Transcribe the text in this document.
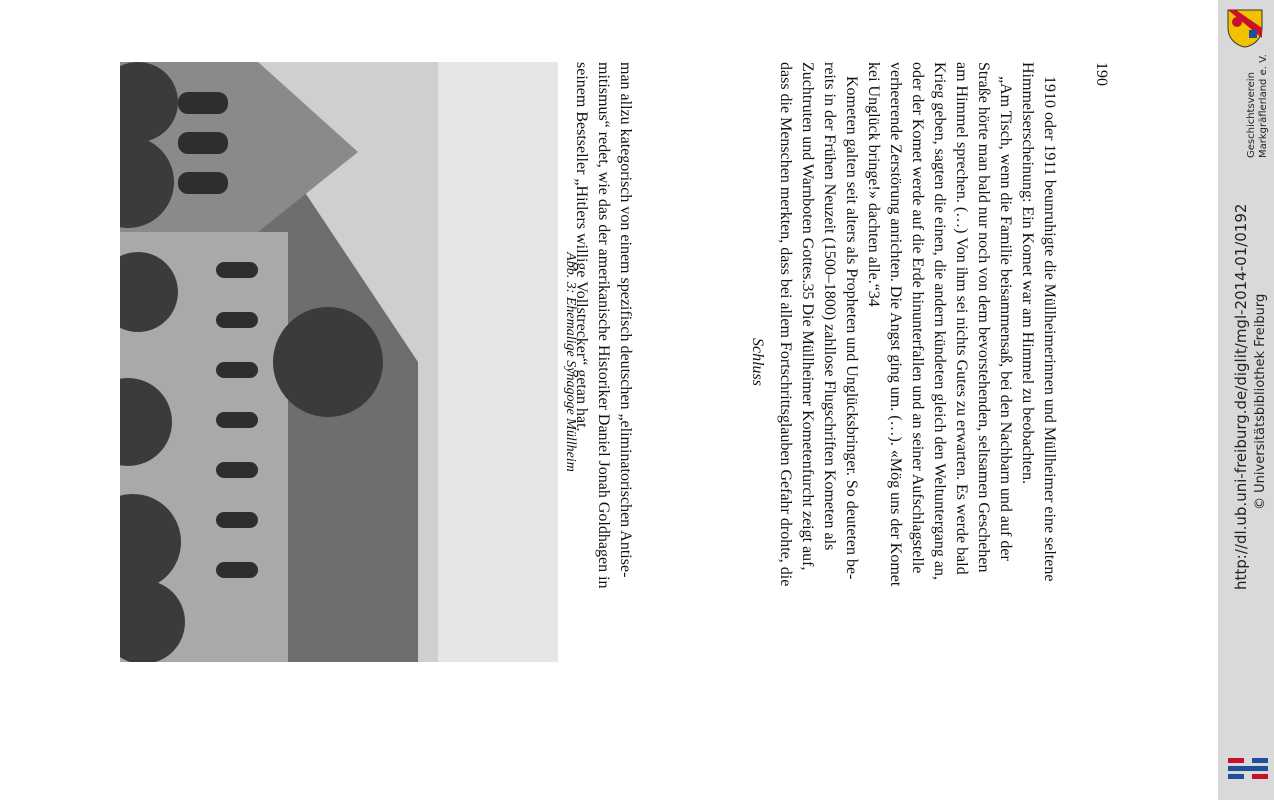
190

1910 oder 1911 beunruhigte die Müllheimerinnen und Müllheimer eine seltene

Himmelserscheinung: Ein Komet war am Himmel zu beobachten.

„Am Tisch, wenn die Familie beisammensaß, bei den Nachbarn und auf der

Straße hörte man bald nur noch von dem bevorstehenden, seltsamen Geschehen

am Himmel sprechen. (…) Von ihm sei nichts Gutes zu erwarten. Es werde bald

Krieg geben, sagten die einen, die andern kündeten gleich den Weltuntergang an,

oder der Komet werde auf die Erde hinunterfallen und an seiner Aufschlagstelle

verheerende Zerstörung anrichten. Die Angst ging um. (…). «Mög uns der Komet

kei Unglück bringe!» dachten alle.“34

Kometen galten seit alters als Propheten und Unglücksbringer. So deuteten be-

reits in der Frühen Neuzeit (1500–1800) zahllose Flugschriften Kometen als

Zuchtruten und Warnboten Gottes.35 Die Müllheimer Kometenfurcht zeigt auf,

dass die Menschen merkten, dass bei allem Fortschrittsglauben Gefahr drohte, die

Schluss
man allzu kategorisch von einem spezifisch deutschen „eliminatorischen Antise-
mitismus“ redet, wie das der amerikanische Historiker Daniel Jonah Goldhagen in
seinem Bestseller „Hitlers willige Vollstrecker“ getan hat.
Abb. 3: Ehemalige Synagoge Müllheim	http://dl.ub.uni-freiburg.de/diglit/mgl-2014-01/0192 © Universitätsbibliothek Freiburg
Geschichtsverein Markgräflerland e. V.
